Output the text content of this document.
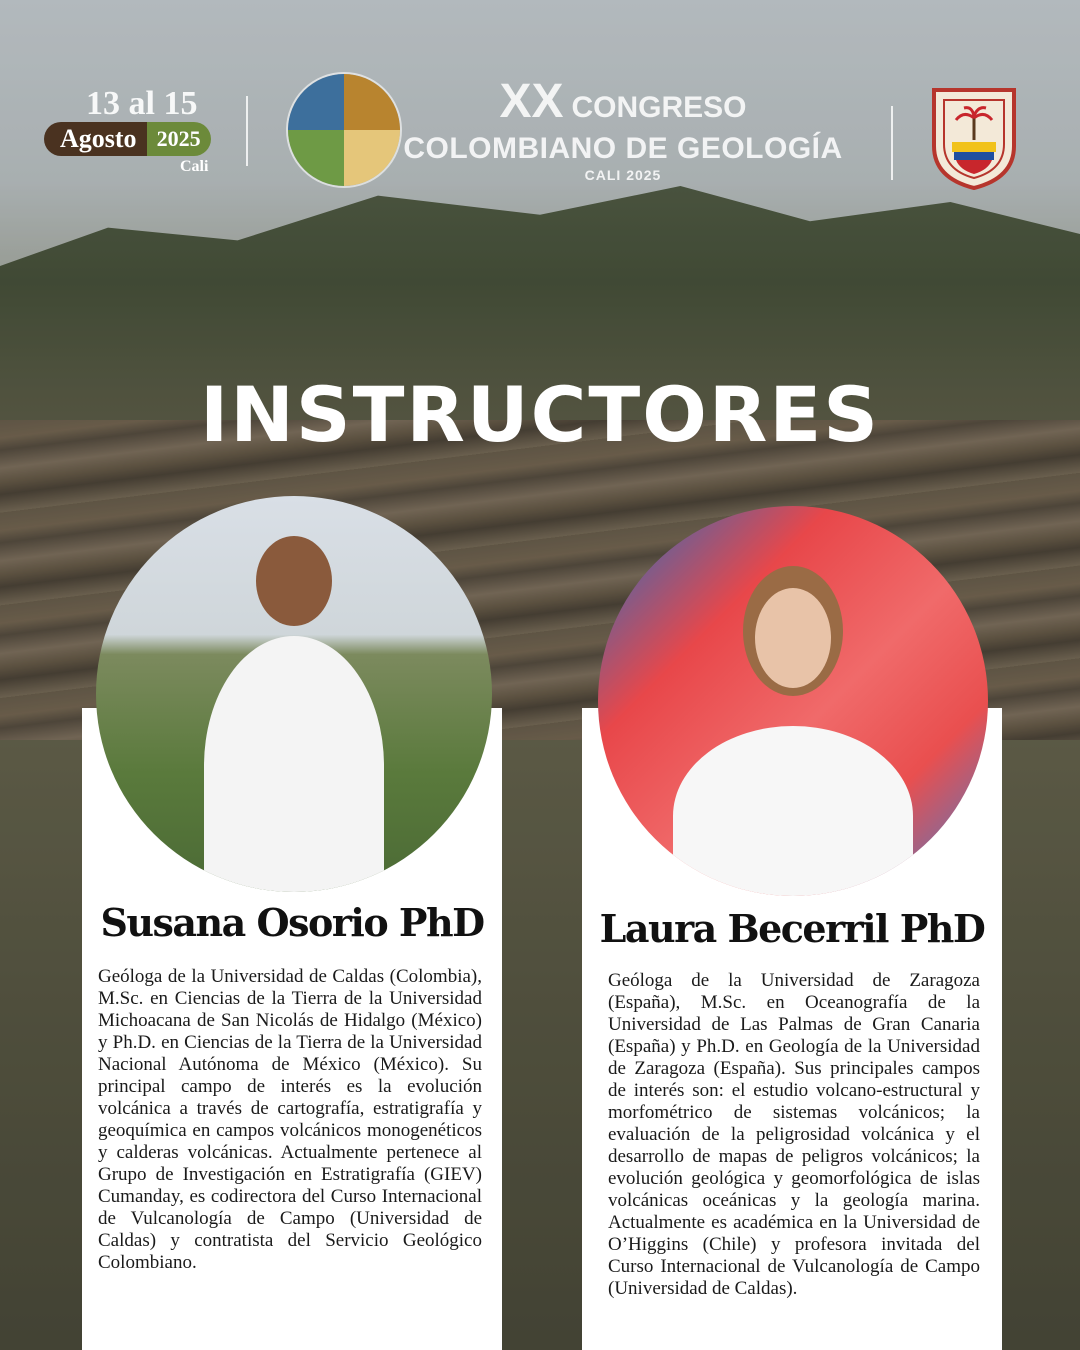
13 al 15
Agosto 2025
Cali
XX CONGRESO
COLOMBIANO DE GEOLOGÍA
CALI 2025
INSTRUCTORES
Susana Osorio PhD
Geóloga de la Universidad de Caldas (Colombia), M.Sc. en Ciencias de la Tierra de la Universidad Michoacana de San Nicolás de Hidalgo (México) y Ph.D. en Ciencias de la Tierra de la Universidad Nacional Autónoma de México (México). Su principal campo de interés es la evolución volcánica a través de cartografía, estratigrafía y geoquímica en campos volcánicos monogenéticos y calderas volcánicas. Actualmente pertenece al Grupo de Investigación en Estratigrafía (GIEV) Cumanday, es codirectora del Curso Internacional de Vulcanología de Campo (Universidad de Caldas) y contratista del Servicio Geológico Colombiano.
Laura Becerril PhD
Geóloga de la Universidad de Zaragoza (España), M.Sc. en Oceanografía de la Universidad de Las Palmas de Gran Canaria (España) y Ph.D. en Geología de la Universidad de Zaragoza (España). Sus principales campos de interés son: el estudio volcano-estructural y morfométrico de sistemas volcánicos; la evaluación de la peligrosidad volcánica y el desarrollo de mapas de peligros volcánicos; la evolución geológica y geomorfológica de islas volcánicas oceánicas y la geología marina. Actualmente es académica en la Universidad de O’Higgins (Chile) y profesora invitada del Curso Internacional de Vulcanología de Campo (Universidad de Caldas).
